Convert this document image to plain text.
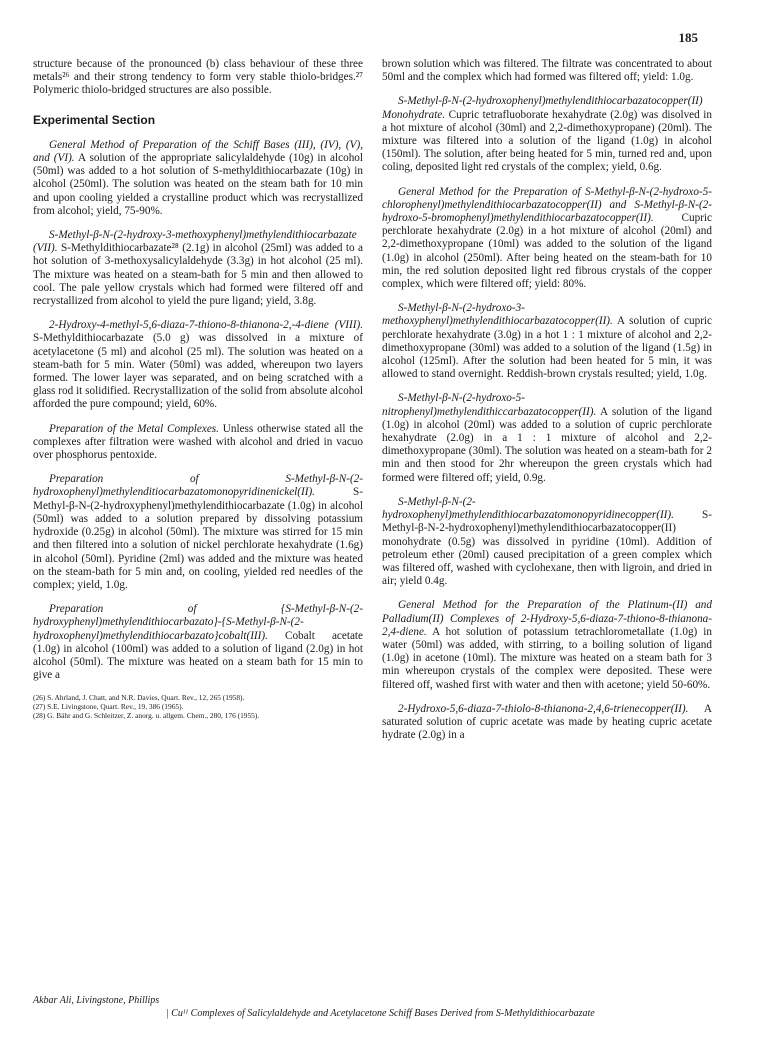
185

structure because of the pronounced (b) class behaviour of these three metals²⁶ and their strong tendency to form very stable thiolo-bridges.²⁷ Polymeric thiolo-bridged structures are also possible.

Experimental Section

General Method of Preparation of the Schiff Bases (III), (IV), (V), and (VI). A solution of the appropriate salicylaldehyde (10g) in alcohol (50ml) was added to a hot solution of S-methyldithiocarbazate (10g) in alcohol (250ml). The solution was heated on the steam bath for 10 min and upon cooling yielded a crystalline product which was recrystallized from alcohol; yield, 75-90%.

S-Methyl-β-N-(2-hydroxy-3-methoxyphenyl)methylendithiocarbazate (VII). S-Methyldithiocarbazate²⁸ (2.1g) in alcohol (25ml) was added to a hot solution of 3-methoxysalicylaldehyde (3.3g) in hot alcohol (25 ml). The mixture was heated on a steam-bath for 5 min and then allowed to cool. The pale yellow crystals which had formed were filtered off and recrystallized from alcohol to yield the pure ligand; yield, 3.8g.

2-Hydroxy-4-methyl-5,6-diaza-7-thiono-8-thianona-2,-4-diene (VIII). S-Methyldithiocarbazate (5.0 g) was dissolved in a mixture of acetylacetone (5 ml) and alcohol (25 ml). The solution was heated on a steam-bath for 5 min. Water (50ml) was added, whereupon two layers formed. The lower layer was separated, and on being scratched with a glass rod it solidified. Recrystallization of the solid from absolute alcohol afforded the pure compound; yield, 60%.

Preparation of the Metal Complexes. Unless otherwise stated all the complexes after filtration were washed with alcohol and dried in vacuo over phosphorus pentoxide.

Preparation of S-Methyl-β-N-(2-hydroxophenyl)methylenditiocarbazatomonopyridinenickel(II). S-Methyl-β-N-(2-hydroxyphenyl)methylendithiocarbazate (1.0g) in alcohol (50ml) was added to a solution prepared by dissolving potassium hydroxide (0.25g) in alcohol (50ml). The mixture was stirred for 15 min and then filtered into a solution of nickel perchlorate hexahydrate (1.6g) in alcohol (50ml). Pyridine (2ml) was added and the mixture was heated on the steam-bath for 5 min and, on cooling, yielded red needles of the complex; yield, 1.0g.

Preparation of {S-Methyl-β-N-(2-hydroxyphenyl)methylendithiocarbazato}-{S-Methyl-β-N-(2-hydroxophenyl)methylendithiocarbazato}cobalt(III). Cobalt acetate (1.0g) in alcohol (100ml) was added to a solution of ligand (2.0g) in hot alcohol (50ml). The mixture was heated on a steam bath for 15 min to give a

(26) S. Ahrland, J. Chatt, and N.R. Davies, Quart. Rev., 12, 265 (1958).
(27) S.E. Livingstone, Quart. Rev., 19, 386 (1965).
(28) G. Bähr and G. Schleitzer, Z. anorg. u. allgem. Chem., 280, 176 (1955).

brown solution which was filtered. The filtrate was concentrated to about 50ml and the complex which had formed was filtered off; yield: 1.0g.

S-Methyl-β-N-(2-hydroxophenyl)methylendithiocarbazatocopper(II) Monohydrate. Cupric tetrafluoborate hexahydrate (2.0g) was disolved in a hot mixture of alcohol (30ml) and 2,2-dimethoxypropane) (20ml). The mixture was filtered into a solution of the ligand (1.0g) in alcohol (150ml). The solution, after being heated for 5 min, turned red and, upon coling, deposited light red crystals of the complex; yield, 0.6g.

General Method for the Preparation of S-Methyl-β-N-(2-hydroxo-5-chlorophenyl)methylendithiocarbazatocopper(II) and S-Methyl-β-N-(2-hydroxo-5-bromophenyl)methylendithiocarbazatocopper(II). Cupric perchlorate hexahydrate (2.0g) in a hot mixture of alcohol (20ml) and 2,2-dimethoxypropane (10ml) was added to the solution of the ligand (1.0g) in alcohol (250ml). After being heated on the steam-bath for 10 min, the red solution deposited light red fibrous crystals of the copper complex, which were filtered off; yield: 80%.

S-Methyl-β-N-(2-hydroxo-3-methoxyphenyl)methylendithiocarbazatocopper(II). A solution of cupric perchlorate hexahydrate (3.0g) in a hot 1 : 1 mixture of alcohol and 2,2-dimethoxypropane (30ml) was added to a solution of the ligand (1.5g) in alcohol (125ml). After the solution had been heated for 5 min, it was allowed to stand overnight. Reddish-brown crystals resulted; yield, 1.0g.

S-Methyl-β-N-(2-hydroxo-5-nitrophenyl)methylendithiccarbazatocopper(II). A solution of the ligand (1.0g) in alcohol (20ml) was added to a solution of cupric perchlorate hexahydrate (2.0g) in a 1 : 1 mixture of alcohol and 2,2-dimethoxypropane (30ml). The solution was heated on a steam-bath for 2 min and then stood for 2hr whereupon the green crystals which had formed were filtered off; yield, 0.9g.

S-Methyl-β-N-(2-hydroxophenyl)methylendithiocarbazatomonopyridinecopper(II). S-Methyl-β-N-2-hydroxophenyl)methylendithiocarbazatocopper(II) monohydrate (0.5g) was dissolved in pyridine (10ml). Addition of petroleum ether (20ml) caused precipitation of a green complex which was filtered off, washed with cyclohexane, then with ligroin, and dried in air; yield 0.4g.

General Method for the Preparation of the Platinum-(II) and Palladium(II) Complexes of 2-Hydroxy-5,6-diaza-7-thiono-8-thianona-2,4-diene. A hot solution of potassium tetrachlorometallate (1.0g) in water (50ml) was added, with stirring, to a boiling solution of ligand (1.0g) in acetone (10ml). The mixture was heated on a steam bath for 3 min whereupon crystals of the complex were deposited. These were filtered off, washed first with water and then with acetone; yield 50-60%.

2-Hydroxo-5,6-diaza-7-thiolo-8-thianona-2,4,6-trienecopper(II). A saturated solution of cupric acetate was made by heating cupric acetate hydrate (2.0g) in a

Akbar Ali, Livingstone, Phillips
| Cuᴵᴵ Complexes of Salicylaldehyde and Acetylacetone Schiff Bases Derived from S-Methyldithiocarbazate
